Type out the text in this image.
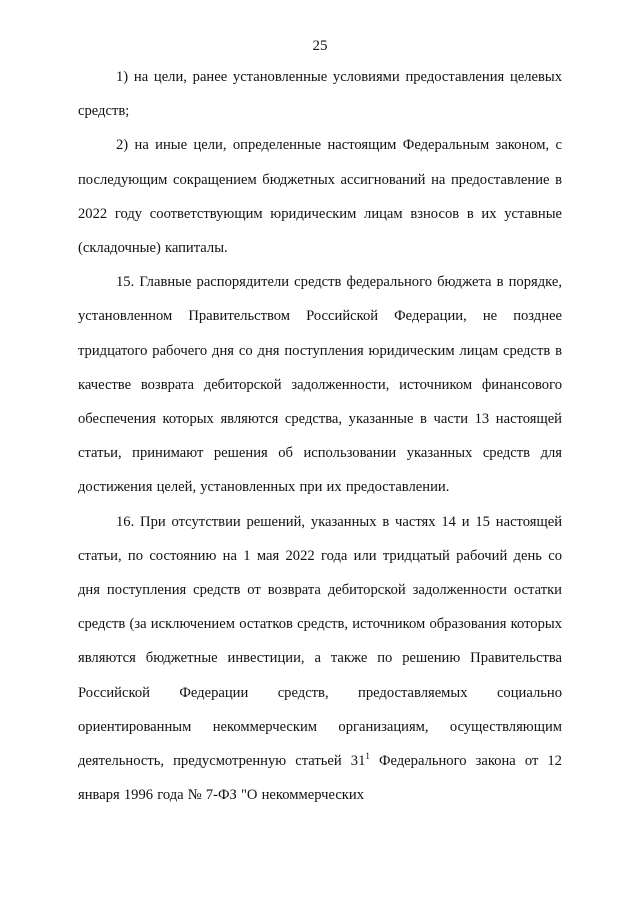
25

1) на цели, ранее установленные условиями предоставления целевых средств;

2) на иные цели, определенные настоящим Федеральным законом, с последующим сокращением бюджетных ассигнований на предоставление в 2022 году соответствующим юридическим лицам взносов в их уставные (складочные) капиталы.

15. Главные распорядители средств федерального бюджета в порядке, установленном Правительством Российской Федерации, не позднее тридцатого рабочего дня со дня поступления юридическим лицам средств в качестве возврата дебиторской задолженности, источником финансового обеспечения которых являются средства, указанные в части 13 настоящей статьи, принимают решения об использовании указанных средств для достижения целей, установленных при их предоставлении.

16. При отсутствии решений, указанных в частях 14 и 15 настоящей статьи, по состоянию на 1 мая 2022 года или тридцатый рабочий день со дня поступления средств от возврата дебиторской задолженности остатки средств (за исключением остатков средств, источником образования которых являются бюджетные инвестиции, а также по решению Правительства Российской Федерации средств, предоставляемых социально ориентированным некоммерческим организациям, осуществляющим деятельность, предусмотренную статьей $31^1$ Федерального закона от 12 января 1996 года № 7-ФЗ "О некоммерческих
